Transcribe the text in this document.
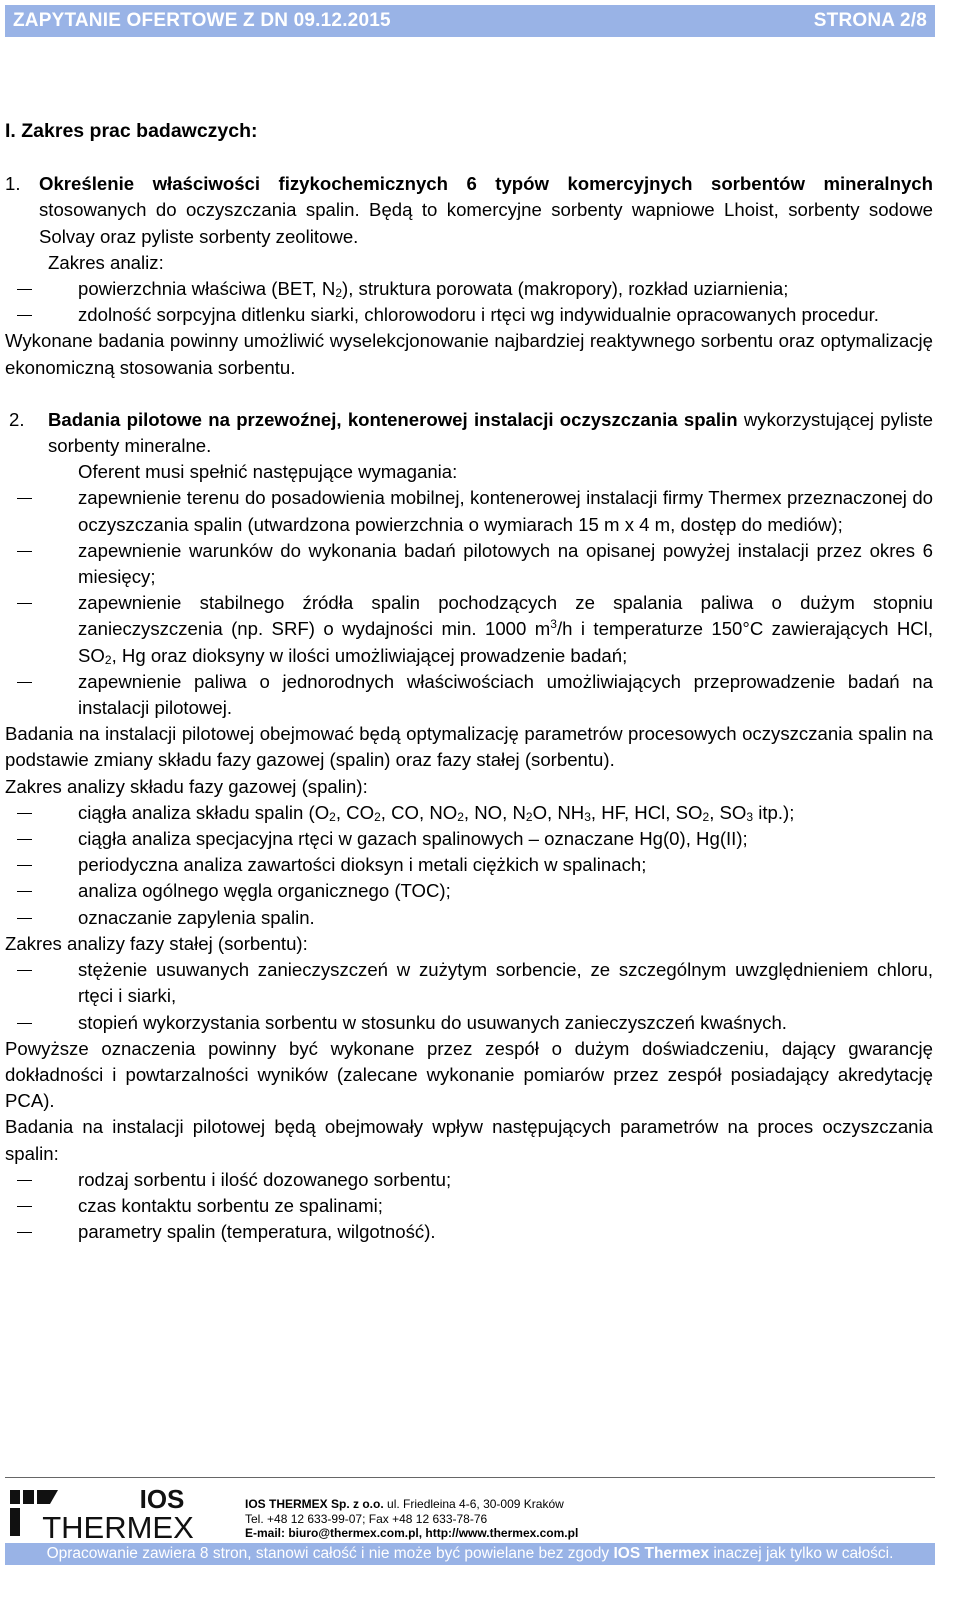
ZAPYTANIE OFERTOWE Z DN 09.12.2015	STRONA 2/8

I. Zakres prac badawczych:

1. Określenie właściwości fizykochemicznych 6 typów komercyjnych sorbentów mineralnych stosowanych do oczyszczania spalin. Będą to komercyjne sorbenty wapniowe Lhoist, sorbenty sodowe Solvay oraz pyliste sorbenty zeolitowe.

Zakres analiz:

powierzchnia właściwa (BET, $N_2$), struktura porowata (makropory), rozkład uziarnienia;
zdolność sorpcyjna ditlenku siarki, chlorowodoru i rtęci wg indywidualnie opracowanych procedur.

Wykonane badania powinny umożliwić wyselekcjonowanie najbardziej reaktywnego sorbentu oraz optymalizację ekonomiczną stosowania sorbentu.

2.	Badania pilotowe na przewoźnej, kontenerowej instalacji oczyszczania spalin wykorzystującej pyliste sorbenty mineralne.

Oferent musi spełnić następujące wymagania:

zapewnienie terenu do posadowienia mobilnej, kontenerowej instalacji firmy Thermex przeznaczonej do oczyszczania spalin (utwardzona powierzchnia o wymiarach 15 m x 4 m, dostęp do mediów);
zapewnienie warunków do wykonania badań pilotowych na opisanej powyżej instalacji przez okres 6 miesięcy;
zapewnienie stabilnego źródła spalin pochodzących ze spalania paliwa o dużym stopniu zanieczyszczenia (np. SRF) o wydajności min. 1000 $m^3/h$ i temperaturze 150°C zawierających HCl, $SO_2$, Hg oraz dioksyny w ilości umożliwiającej prowadzenie badań;
zapewnienie paliwa o jednorodnych właściwościach umożliwiających przeprowadzenie badań na instalacji pilotowej.

Badania na instalacji pilotowej obejmować będą optymalizację parametrów procesowych oczyszczania spalin na podstawie zmiany składu fazy gazowej (spalin) oraz fazy stałej (sorbentu).

Zakres analizy składu fazy gazowej (spalin):

ciągła analiza składu spalin ($O_2$, $CO_2$, CO, $NO_2$, NO, $N_2O$, $NH_3$, HF, HCl, $SO_2$, $SO_3$ itp.);
ciągła analiza specjacyjna rtęci w gazach spalinowych – oznaczane Hg(0), Hg(II);
periodyczna analiza zawartości dioksyn i metali ciężkich w spalinach;
analiza ogólnego węgla organicznego (TOC);
oznaczanie zapylenia spalin.

Zakres analizy fazy stałej (sorbentu):

stężenie usuwanych zanieczyszczeń w zużytym sorbencie, ze szczególnym uwzględnieniem chloru, rtęci i siarki,
stopień wykorzystania sorbentu w stosunku do usuwanych zanieczyszczeń kwaśnych.

Powyższe oznaczenia powinny być wykonane przez zespół o dużym doświadczeniu, dający gwarancję dokładności i powtarzalności wyników (zalecane wykonanie pomiarów przez zespół posiadający akredytację PCA).

Badania na instalacji pilotowej będą obejmowały wpływ następujących parametrów na proces oczyszczania spalin:

rodzaj sorbentu i ilość dozowanego sorbentu;
czas kontaktu sorbentu ze spalinami;
parametry spalin (temperatura, wilgotność).
IOS
THERMEX
IOS THERMEX Sp. z o.o. ul. Friedleina 4-6, 30-009 Kraków
Tel. +48 12 633-99-07; Fax +48 12 633-78-76
E-mail: biuro@thermex.com.pl, http://www.thermex.com.pl
Opracowanie zawiera 8 stron, stanowi całość i nie może być powielane bez zgody IOS Thermex inaczej jak tylko w całości.
